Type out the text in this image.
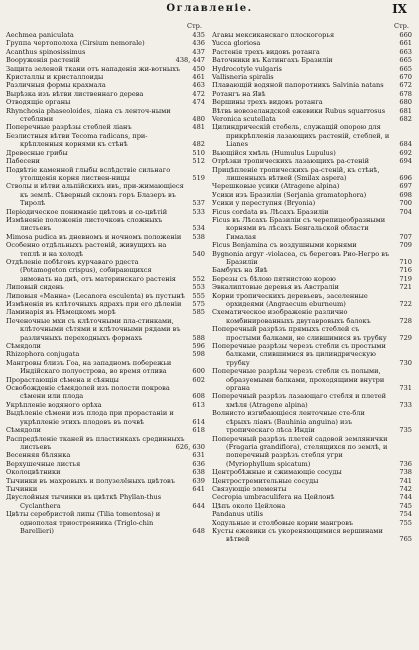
Оглавленіе.	IX
Стр.
Aechmea paniculata	435
Группа чертополоха (Cirsium nemorale)	436
Acanthus spinosissimus	437
Вооруженія растеній	438, 447
Защита зеленой ткани отъ нападенія жи-вотныхъ	450
Кристаллы и кристаллоиды	461
Различныя формы крахмала	463
Вырѣзка изъ вѣтви лиственнаго дерева	472
Отводящіе органы	474
Rhynchosia phaseoloides, ліана съ ленточ-ными стеблями	480
Поперечные разрѣзы стеблей ліанъ	481
Безлистныя вѣтви Tecoma radicans, при-крѣпленныя корнями къ стѣнѣ	482
Древесные грибы	510
Пабесени	512
Подвѣтіе каменной глыбы вслѣдствіе сильнаго утолщенія корня листвен-ницы	519
Стволы и вѣтви альпійскихъ ивъ, при-жимающіеся къ землѣ. Сѣверный склонъ горъ Блазеръ въ Тиролѣ	537
Періодическое пониманіе цвѣтовъ и со-цвѣтій	533
Измѣненіе положенія листочковъ сложныхъ листьевъ	534
Mimosa pudica въ дневномъ и ночномъ положеніи	538
Особенно отдѣльныхъ растеній, живущихъ на теплѣ и на холодѣ	540
Отдѣленіе побѣговъ курчаваго рдеста (Potamogeton crispus), собирающихся зимовать на днѣ, отъ материнскаго растенія	552
Липовый сидень	553
Липовыя «Манна» (Lecanora esculenta) въ пустынѣ	555
Измѣненія въ клѣточныхъ ядрахъ при его дѣленіи	575
Ламинарія въ Нѣмецкомъ морѣ	585
Печеночные мхи съ клѣточными пла-стинками, клѣточными сѣтями и клѣточными рядами въ различныхъ переходныхъ формахъ	588
Сѣмядоли	596
Rhizophora conjugata	598
Мангровы близъ Гоа, на западномъ побережьи Индійскаго полуострова, во время отлива	600
Прорастающія сѣмена и сѣянцы	602
Освобожденіе сѣмядолей изъ полости покрова сѣмени или плода	608
Укрѣпленіе водяного орѣха	613
Выдѣленіе сѣмени изъ плода при прорастаніи и укрѣпленіе этихъ плодовъ въ почвѣ	614
Сѣмядоли	618
Распредѣленіе тканей въ пластинкахъ срединныхъ листьевъ	626, 630
Весенняя бѣлянка	631
Верхушечные листья	636
Околоцвѣтники	638
Тычинки въ махровыхъ и полузелёныхъ цвѣтовъ	639
Тычинки	641
Двуслойныя тычинки въ цвѣткѣ Phyllan-thus Cyclanthera	644
Цвѣты серебристой липы (Tilia tomentosa) и однополая триостренника (Triglo-chin Barellieri)	648
Стр.
Агавы мексиканскаго плоскогорья	660
Yucca gloriosa	661
Растенія трехъ видовъ ротанга	663
Ваточники въ Катингахъ Бразиліи	665
Hydrocotyle vulgaris	665
Vallisneria spiralis	670
Плавающій водяной папоротникъ Salvinia natans	672
Ротангъ на Явѣ	678
Вершины трехъ видовъ ротанга	680
Вѣтвь новозеландской ежевики Rubus squarrosus	681
Veronica scutellata	682
Цилиндрическій стебель, служащій опорою для прикрѣпленія лазающихъ растеній, стеблей, и Lianes	684
Вьющійся хмѣль (Humulus Lupulus)	692
Отрѣзки тропическихъ лазающихъ ра-стеній	694
Прицѣпленіе тропическихъ ра-стеній, къ стѣнѣ, лишенныхъ вѣтвей (Smilax aspera)	696
Черешковые усики (Atragene alpina)	697
Усики изъ Бразиліи (Serjania gramatophora)	698
Усики у переступня (Bryonia)	700
Ficus cordata въ Лѣсахъ Бразиліи	704
Ficus въ Лѣсахъ Бразиліи съ черепицеобразными корнями въ лѣсахъ Бенгальской области Гималая	707
Ficus Benjamina съ воздушными корнями	709
Bygnonia argyr -violacea, съ береговъ Рио-Негро въ Бразиліи	710
Бамбукъ на Явѣ	716
Березы съ бѣлою пятнистою корою	719
Эвкалиптовые деревья въ Австраліи	721
Корни тропическихъ деревьевъ, заселенные орхидеями (Angraecum eburneum)	722
Схематическое изображеніе различно комбинированныхъ двутавровыхъ балокъ	728
Поперечный разрѣзъ прямыхъ стеблей съ простыми балками, не слившимися въ трубку	729
Поперечные разрѣзы черезъ стебли съ простыми балками, слившимися въ цилиндрическую трубку	730
Поперечные разрѣзы черезъ стебли съ полыми, образуемыми балками, проходящими внутри органа	731
Поперечный разрѣзъ лазающаго стебля и плетей хмѣля (Atragene alpina)	733
Волнисто изгибающіеся ленточные сте-бли сѣрыхъ ліанъ (Bauhinia anguina) изъ тропическаго лѣса Индіи	735
Поперечный разрѣзъ плетей садовой землянички (Fragaria grandiflora), стелящихся по землѣ, и поперечный разрѣзъ стебля угри (Myriophyllum spicatum)	736
Центробѣжные и сжимающіе сосуды	738
Центростремительные сосуды	741
Связующіе элементы	742
Cecropia umbraculifera на Цейлонѣ	744
Цѣпъ около Цейлона	745
Pandanus utilis	754
Ходульные и столбовые корни мангровъ	755
Кусты ежевики съ укореняющимися вершинами вѣтвей	765
